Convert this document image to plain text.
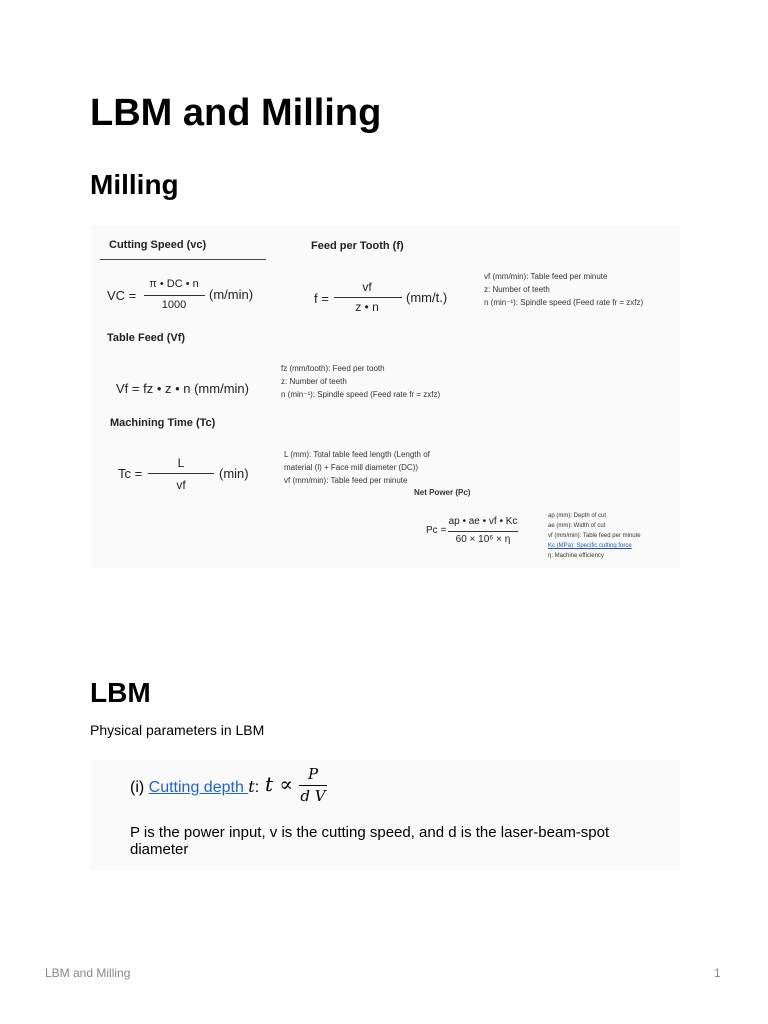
LBM and Milling
Milling
Cutting Speed (vc)
VC =
π • DC • n
1000
(m/min)
Feed per Tooth (f)
f =
vf
z • n
(mm/t.)
vf (mm/min): Table feed per minute
z: Number of teeth
n (min⁻¹): Spindle speed (Feed rate fr = zxfz)
Table Feed (Vf)
Vf = fz • z • n (mm/min)
fz (mm/tooth): Feed per tooth
z: Number of teeth
n (min⁻¹): Spindle speed (Feed rate fr = zxfz)
Machining Time (Tc)
Tc =
L
vf
(min)
L (mm): Total table feed length (Length of
material (l) + Face mill diameter (DC))
vf (mm/min): Table feed per minute
Net Power (Pc)
Pc =
ap • ae • vf • Kc
60 × 10⁶ × η
ap (mm): Depth of cut
ae (mm): Width of cut
vf (mm/min): Table feed per minute
Kc (MPa): Specific cutting force
η: Machine efficiency
LBM

Physical parameters in LBM

(i) Cutting depth t: t ∝	P
d V
P is the power input, v is the cutting speed, and d is the laser-beam-spot diameter
LBM and Milling	1
